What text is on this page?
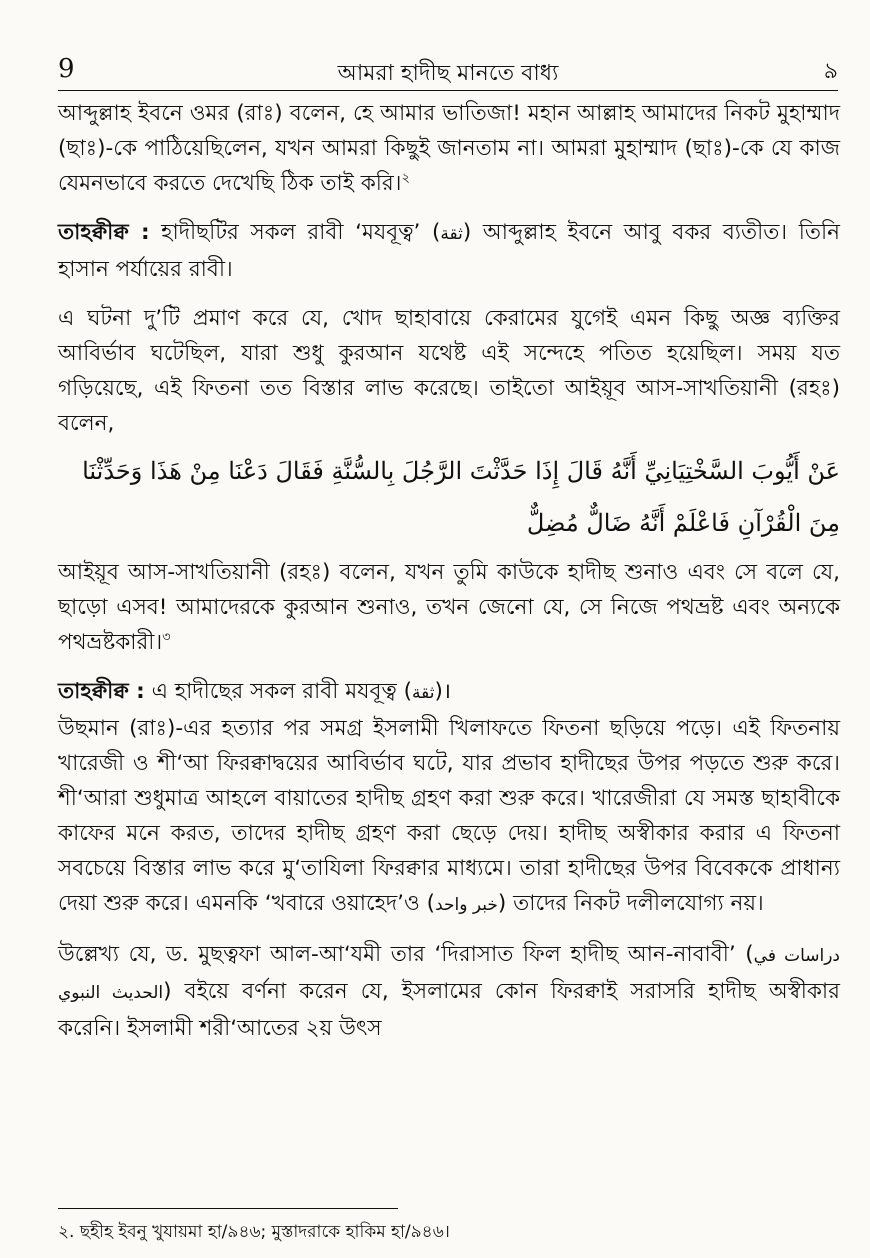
9	আমরা হাদীছ মানতে বাধ্য	৯

আব্দুল্লাহ ইবনে ওমর (রাঃ) বলেন, হে আমার ভাতিজা! মহান আল্লাহ আমাদের নিকট মুহাম্মাদ (ছাঃ)-কে পাঠিয়েছিলেন, যখন আমরা কিছুই জানতাম না। আমরা মুহাম্মাদ (ছাঃ)-কে যে কাজ যেমনভাবে করতে দেখেছি ঠিক তাই করি।$^২$

তাহক্বীক্ব : হাদীছটির সকল রাবী ‘মযবূত্ব’ (ثقة) আব্দুল্লাহ ইবনে আবু বকর ব্যতীত। তিনি হাসান পর্যায়ের রাবী।

এ ঘটনা দু’টি প্রমাণ করে যে, খোদ ছাহাবায়ে কেরামের যুগেই এমন কিছু অজ্ঞ ব্যক্তির আবির্ভাব ঘটেছিল, যারা শুধু কুরআন যথেষ্ট এই সন্দেহে পতিত হয়েছিল। সময় যত গড়িয়েছে, এই ফিতনা তত বিস্তার লাভ করেছে। তাইতো আইয়ূব আস-সাখতিয়ানী (রহঃ) বলেন,

عَنْ أَيُّوبَ السَّخْتِيَانِيِّ أَنَّهُ قَالَ إِذَا حَدَّثْتَ الرَّجُلَ بِالسُّنَّةِ فَقَالَ دَعْنَا مِنْ هَذَا وَحَدِّثْنَا
مِنَ الْقُرْآنِ فَاعْلَمْ أَنَّهُ ضَالٌّ مُضِلٌّ

আইয়ূব আস-সাখতিয়ানী (রহঃ) বলেন, যখন তুমি কাউকে হাদীছ শুনাও এবং সে বলে যে, ছাড়ো এসব! আমাদেরকে কুরআন শুনাও, তখন জেনো যে, সে নিজে পথভ্রষ্ট এবং অন্যকে পথভ্রষ্টকারী।$^৩$

তাহক্বীক্ব : এ হাদীছের সকল রাবী মযবূত্ব (ثقة)।

উছমান (রাঃ)-এর হত্যার পর সমগ্র ইসলামী খিলাফতে ফিতনা ছড়িয়ে পড়ে। এই ফিতনায় খারেজী ও শী‘আ ফিরক্বাদ্বয়ের আবির্ভাব ঘটে, যার প্রভাব হাদীছের উপর পড়তে শুরু করে। শী‘আরা শুধুমাত্র আহলে বায়াতের হাদীছ গ্রহণ করা শুরু করে। খারেজীরা যে সমস্ত ছাহাবীকে কাফের মনে করত, তাদের হাদীছ গ্রহণ করা ছেড়ে দেয়। হাদীছ অস্বীকার করার এ ফিতনা সবচেয়ে বিস্তার লাভ করে মু‘তাযিলা ফিরক্বার মাধ্যমে। তারা হাদীছের উপর বিবেককে প্রাধান্য দেয়া শুরু করে। এমনকি ‘খবারে ওয়াহেদ’ও (خبر واحد) তাদের নিকট দলীলযোগ্য নয়।

উল্লেখ্য যে, ড. মুছত্বফা আল-আ‘যমী তার ‘দিরাসাত ফিল হাদীছ আন-নাবাবী’ (دراسات في الحديث النبوي) বইয়ে বর্ণনা করেন যে, ইসলামের কোন ফিরক্বাই সরাসরি হাদীছ অস্বীকার করেনি। ইসলামী শরী‘আতের ২য় উৎস

২. ছহীহ ইবনু খুযায়মা হা/৯৪৬; মুস্তাদরাকে হাকিম হা/৯৪৬।
